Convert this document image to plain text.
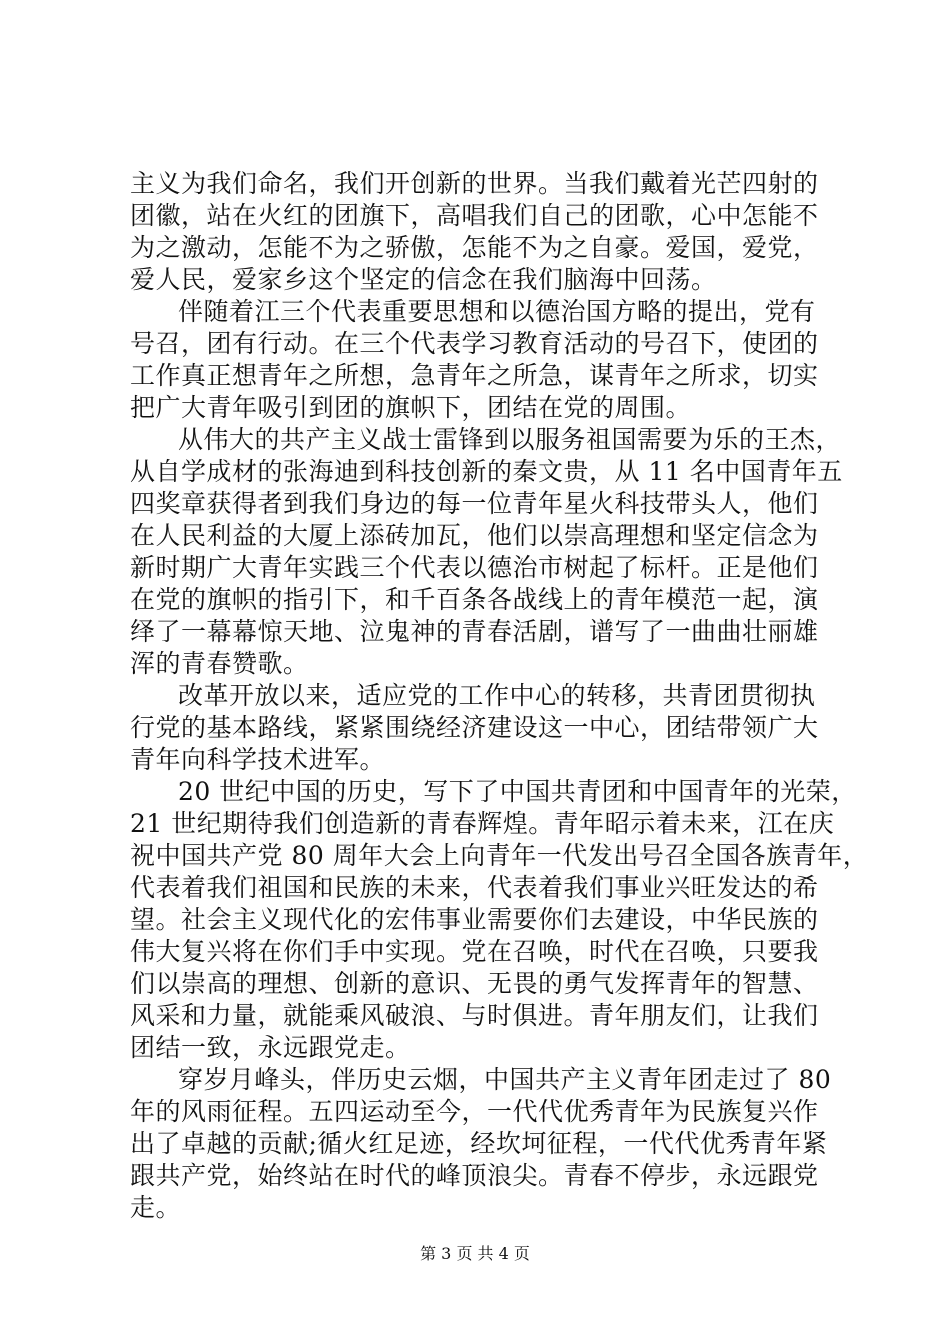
主义为我们命名，我们开创新的世界。当我们戴着光芒四射的
团徽，站在火红的团旗下，高唱我们自己的团歌，心中怎能不
为之激动，怎能不为之骄傲，怎能不为之自豪。爱国，爱党，
爱人民，爱家乡这个坚定的信念在我们脑海中回荡。
伴随着江三个代表重要思想和以德治国方略的提出，党有
号召，团有行动。在三个代表学习教育活动的号召下，使团的
工作真正想青年之所想，急青年之所急，谋青年之所求，切实
把广大青年吸引到团的旗帜下，团结在党的周围。
从伟大的共产主义战士雷锋到以服务祖国需要为乐的王杰，
从自学成材的张海迪到科技创新的秦文贵，从 11 名中国青年五
四奖章获得者到我们身边的每一位青年星火科技带头人，他们
在人民利益的大厦上添砖加瓦，他们以崇高理想和坚定信念为
新时期广大青年实践三个代表以德治市树起了标杆。正是他们
在党的旗帜的指引下，和千百条各战线上的青年模范一起，演
绎了一幕幕惊天地、泣鬼神的青春活剧，谱写了一曲曲壮丽雄
浑的青春赞歌。
改革开放以来，适应党的工作中心的转移，共青团贯彻执
行党的基本路线，紧紧围绕经济建设这一中心，团结带领广大
青年向科学技术进军。
20 世纪中国的历史，写下了中国共青团和中国青年的光荣，
21 世纪期待我们创造新的青春辉煌。青年昭示着未来，江在庆
祝中国共产党 80 周年大会上向青年一代发出号召全国各族青年，
代表着我们祖国和民族的未来，代表着我们事业兴旺发达的希
望。社会主义现代化的宏伟事业需要你们去建设，中华民族的
伟大复兴将在你们手中实现。党在召唤，时代在召唤，只要我
们以崇高的理想、创新的意识、无畏的勇气发挥青年的智慧、
风采和力量，就能乘风破浪、与时俱进。青年朋友们，让我们
团结一致，永远跟党走。
穿岁月峰头，伴历史云烟，中国共产主义青年团走过了 80
年的风雨征程。五四运动至今，一代代优秀青年为民族复兴作
出了卓越的贡献;循火红足迹，经坎坷征程，一代代优秀青年紧
跟共产党，始终站在时代的峰顶浪尖。青春不停步，永远跟党
走。
第 3 页 共 4 页
